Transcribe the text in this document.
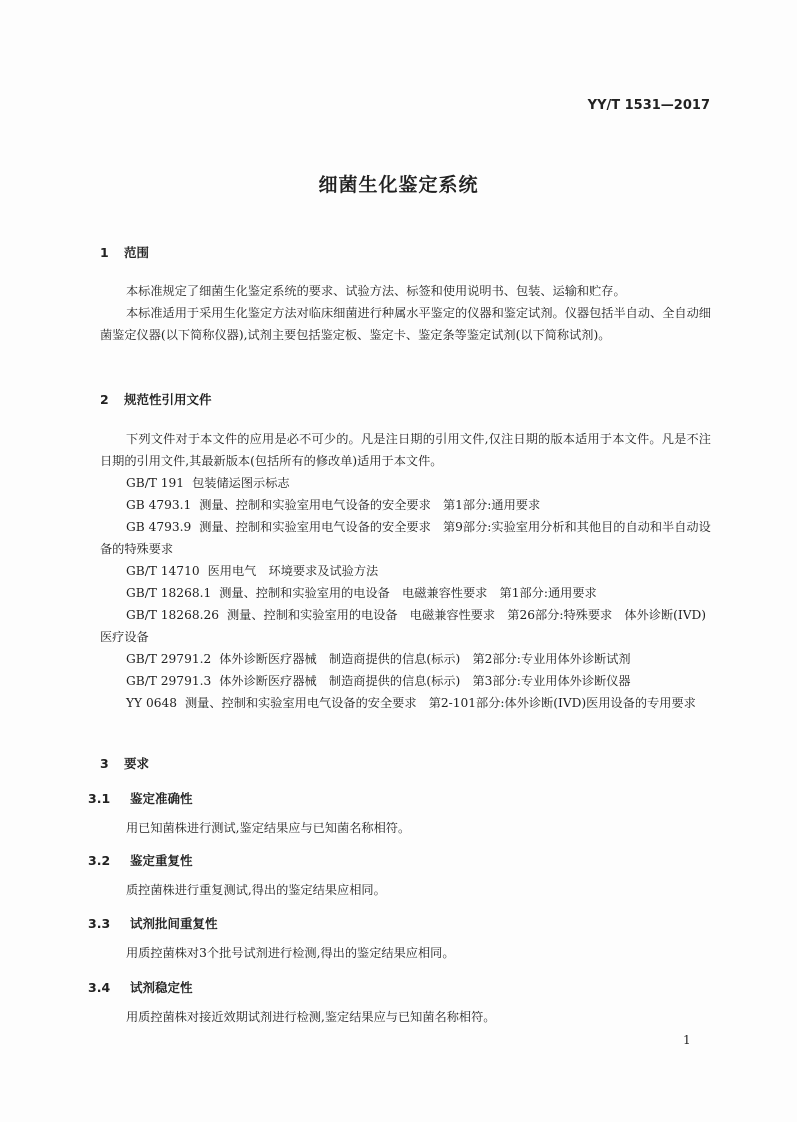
YY/T 1531—2017
细菌生化鉴定系统
1 范围

本标准规定了细菌生化鉴定系统的要求、试验方法、标签和使用说明书、包装、运输和贮存。

本标准适用于采用生化鉴定方法对临床细菌进行种属水平鉴定的仪器和鉴定试剂。仪器包括半自动、全自动细菌鉴定仪器(以下简称仪器),试剂主要包括鉴定板、鉴定卡、鉴定条等鉴定试剂(以下简称试剂)。

2 规范性引用文件

下列文件对于本文件的应用是必不可少的。凡是注日期的引用文件,仅注日期的版本适用于本文件。凡是不注日期的引用文件,其最新版本(包括所有的修改单)适用于本文件。

GB/T 191 包装储运图示标志

GB 4793.1 测量、控制和实验室用电气设备的安全要求　第1部分:通用要求

GB 4793.9 测量、控制和实验室用电气设备的安全要求　第9部分:实验室用分析和其他目的自动和半自动设备的特殊要求

GB/T 14710 医用电气　环境要求及试验方法

GB/T 18268.1 测量、控制和实验室用的电设备　电磁兼容性要求　第1部分:通用要求

GB/T 18268.26 测量、控制和实验室用的电设备　电磁兼容性要求　第26部分:特殊要求　体外诊断(IVD)医疗设备

GB/T 29791.2 体外诊断医疗器械　制造商提供的信息(标示)　第2部分:专业用体外诊断试剂

GB/T 29791.3 体外诊断医疗器械　制造商提供的信息(标示)　第3部分:专业用体外诊断仪器

YY 0648 测量、控制和实验室用电气设备的安全要求　第2-101部分:体外诊断(IVD)医用设备的专用要求

3 要求
3.1 鉴定准确性

用已知菌株进行测试,鉴定结果应与已知菌名称相符。

3.2 鉴定重复性

质控菌株进行重复测试,得出的鉴定结果应相同。

3.3 试剂批间重复性

用质控菌株对3个批号试剂进行检测,得出的鉴定结果应相同。

3.4 试剂稳定性

用质控菌株对接近效期试剂进行检测,鉴定结果应与已知菌名称相符。

1
